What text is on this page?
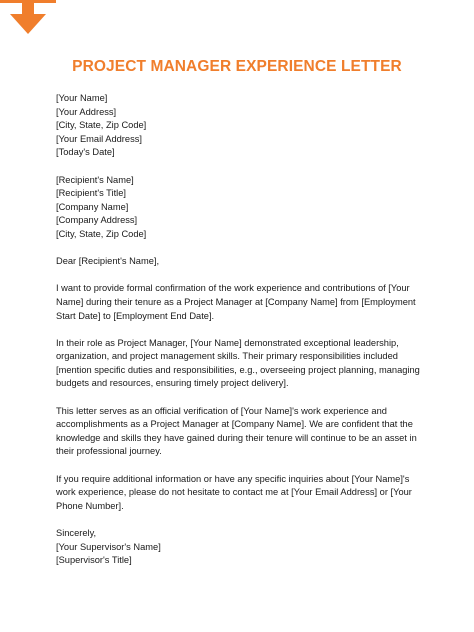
PROJECT MANAGER EXPERIENCE LETTER
[Your Name]
[Your Address]
[City, State, Zip Code]
[Your Email Address]
[Today's Date]
[Recipient's Name]
[Recipient's Title]
[Company Name]
[Company Address]
[City, State, Zip Code]
Dear [Recipient's Name],
I want to provide formal confirmation of the work experience and contributions of [Your Name] during their tenure as a Project Manager at [Company Name] from [Employment Start Date] to [Employment End Date].
In their role as Project Manager, [Your Name] demonstrated exceptional leadership, organization, and project management skills. Their primary responsibilities included [mention specific duties and responsibilities, e.g., overseeing project planning, managing budgets and resources, ensuring timely project delivery].
This letter serves as an official verification of [Your Name]'s work experience and accomplishments as a Project Manager at [Company Name]. We are confident that the knowledge and skills they have gained during their tenure will continue to be an asset in their professional journey.
If you require additional information or have any specific inquiries about [Your Name]'s work experience, please do not hesitate to contact me at [Your Email Address] or [Your Phone Number].
Sincerely,
[Your Supervisor's Name]
[Supervisor's Title]
